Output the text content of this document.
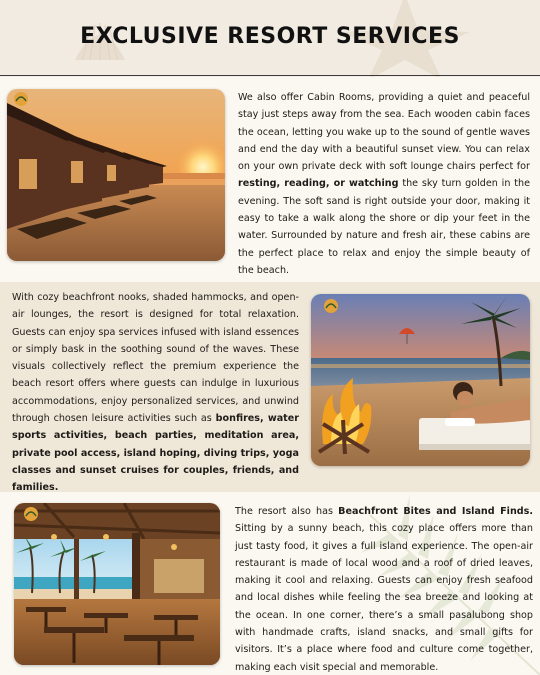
EXCLUSIVE RESORT SERVICES
We also offer Cabin Rooms, providing a quiet and peaceful stay just steps away from the sea. Each wooden cabin faces the ocean, letting you wake up to the sound of gentle waves and end the day with a beautiful sunset view. You can relax on your own private deck with soft lounge chairs perfect for resting, reading, or watching the sky turn golden in the evening. The soft sand is right outside your door, making it easy to take a walk along the shore or dip your feet in the water. Surrounded by nature and fresh air, these cabins are the perfect place to relax and enjoy the simple beauty of the beach.
With cozy beachfront nooks, shaded hammocks, and open-air lounges, the resort is designed for total relaxation. Guests can enjoy spa services infused with island essences or simply bask in the soothing sound of the waves. These visuals collectively reflect the premium experience the beach resort offers where guests can indulge in luxurious accommodations, enjoy personalized services, and unwind through chosen leisure activities such as bonfires, water sports activities, beach parties, meditation area, private pool access, island hoping, diving trips, yoga classes and sunset cruises for couples, friends, and families.
The resort also has Beachfront Bites and Island Finds. Sitting by a sunny beach, this cozy place offers more than just tasty food, it gives a full island experience. The open-air restaurant is made of local wood and a roof of dried leaves, making it cool and relaxing. Guests can enjoy fresh seafood and local dishes while feeling the sea breeze and looking at the ocean. In one corner, there’s a small pasalubong shop with handmade crafts, island snacks, and small gifts for visitors. It’s a place where food and culture come together, making each visit special and memorable.
